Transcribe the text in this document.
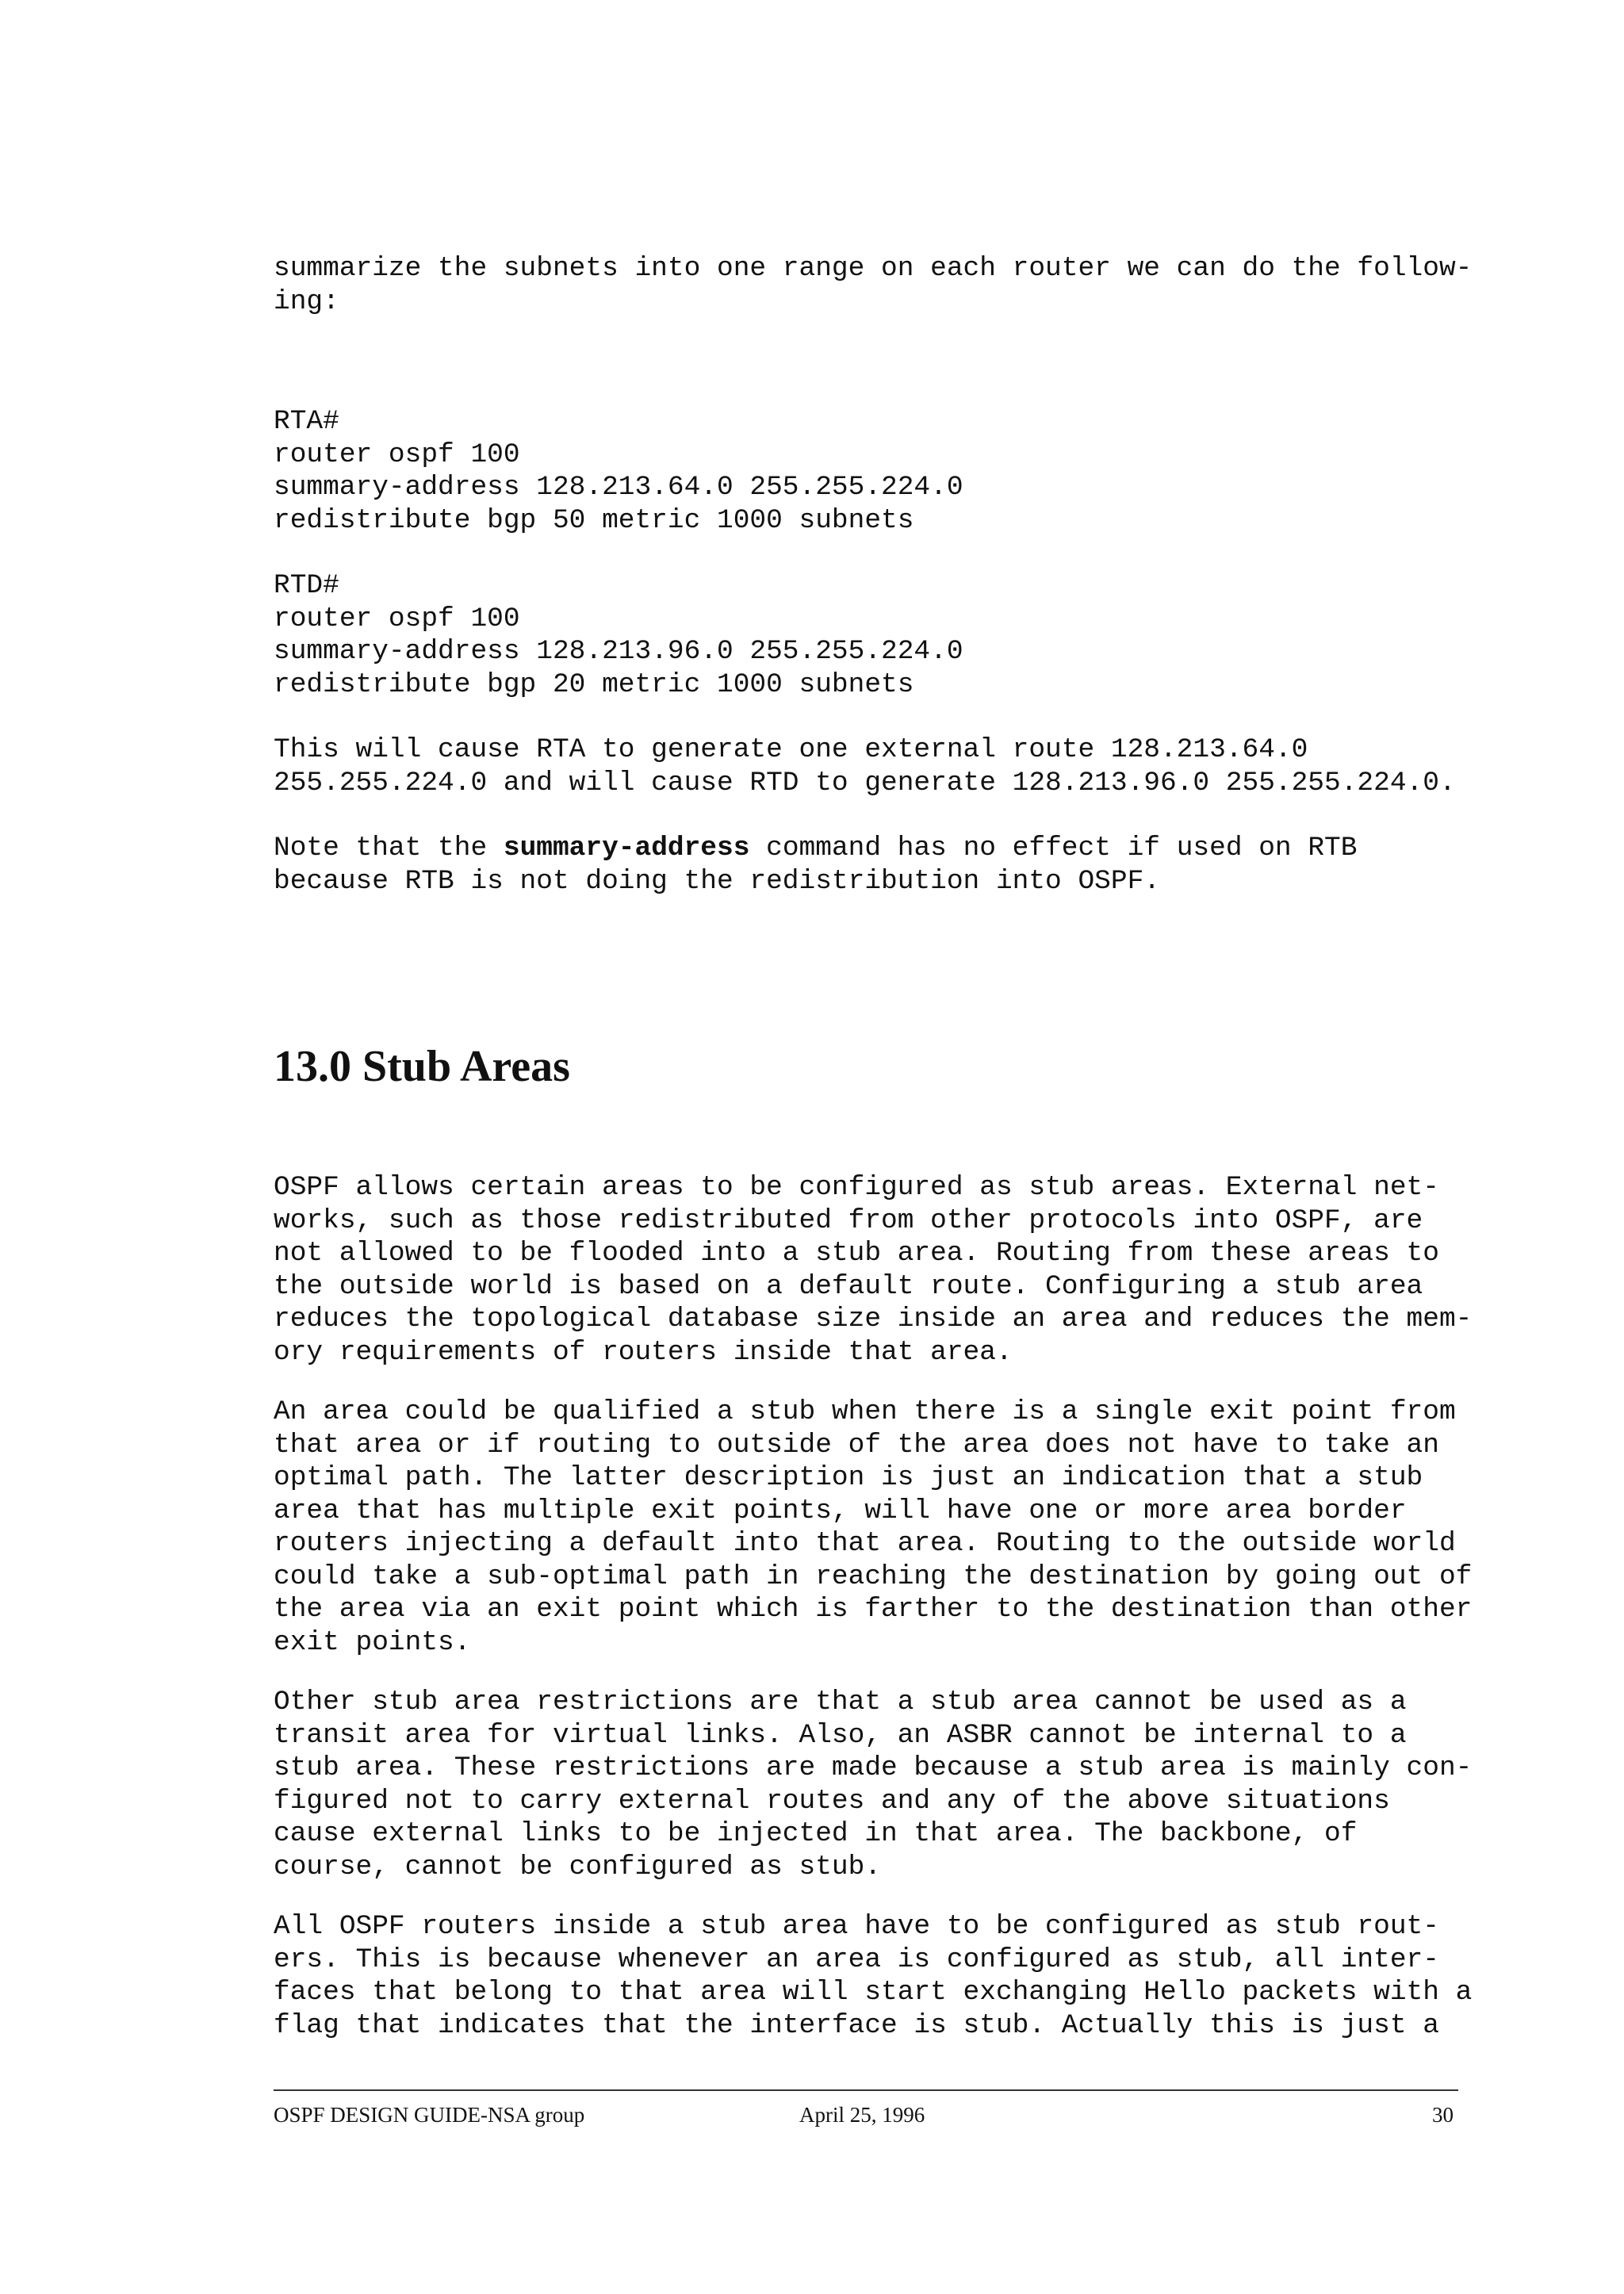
summarize the subnets into one range on each router we can do the follow-
ing:
RTA#
router ospf 100
summary-address 128.213.64.0 255.255.224.0
redistribute bgp 50 metric 1000 subnets
RTD#
router ospf 100
summary-address 128.213.96.0 255.255.224.0
redistribute bgp 20 metric 1000 subnets
This will cause RTA to generate one external route 128.213.64.0
255.255.224.0 and will cause RTD to generate 128.213.96.0 255.255.224.0.
Note that the summary-address command has no effect if used on RTB
because RTB is not doing the redistribution into OSPF.
13.0 Stub Areas
OSPF allows certain areas to be configured as stub areas. External net-
works, such as those redistributed from other protocols into OSPF, are
not allowed to be flooded into a stub area. Routing from these areas to
the outside world is based on a default route. Configuring a stub area
reduces the topological database size inside an area and reduces the mem-
ory requirements of routers inside that area.
An area could be qualified a stub when there is a single exit point from
that area or if routing to outside of the area does not have to take an
optimal path. The latter description is just an indication that a stub
area that has multiple exit points, will have one or more area border
routers injecting a default into that area. Routing to the outside world
could take a sub-optimal path in reaching the destination by going out of
the area via an exit point which is farther to the destination than other
exit points.
Other stub area restrictions are that a stub area cannot be used as a
transit area for virtual links. Also, an ASBR cannot be internal to a
stub area. These restrictions are made because a stub area is mainly con-
figured not to carry external routes and any of the above situations
cause external links to be injected in that area. The backbone, of
course, cannot be configured as stub.
All OSPF routers inside a stub area have to be configured as stub rout-
ers. This is because whenever an area is configured as stub, all inter-
faces that belong to that area will start exchanging Hello packets with a
flag that indicates that the interface is stub. Actually this is just a
OSPF DESIGN GUIDE-NSA group	April 25, 1996	30
